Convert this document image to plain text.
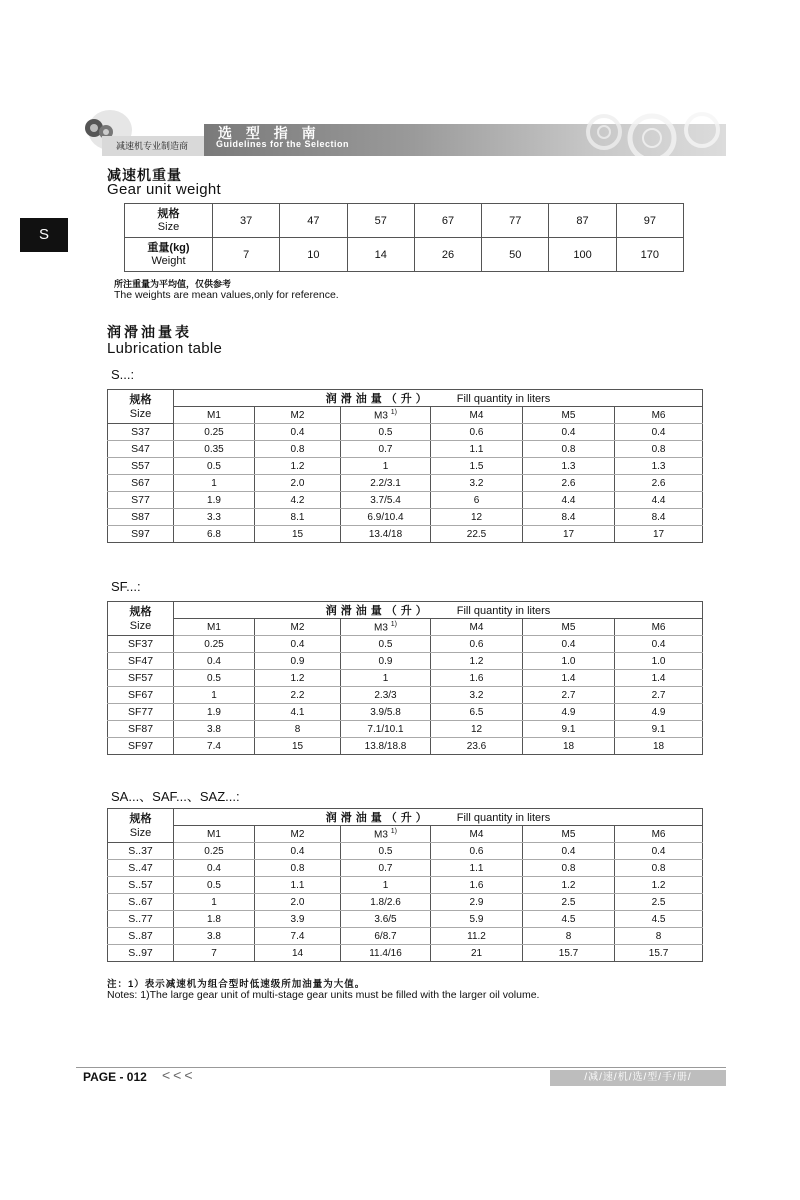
减速机专业制造商
选 型 指 南
Guidelines for the Selection
S
减速机重量
Gear unit weight
规格
Size	37	47	57	67	77	87	97
重量(kg)
Weight	7	10	14	26	50	100	170
所注重量为平均值，仅供参考
The weights are mean values,only for reference.
润滑油量表
Lubrication table
S...:
规格
Size	润滑油量（升） Fill quantity in liters					
	M1	M2	M3 $^{1)}$	M4	M5	M6
S37	0.25	0.4	0.5	0.6	0.4	0.4
S47	0.35	0.8	0.7	1.1	0.8	0.8
S57	0.5	1.2	1	1.5	1.3	1.3
S67	1	2.0	2.2/3.1	3.2	2.6	2.6
S77	1.9	4.2	3.7/5.4	6	4.4	4.4
S87	3.3	8.1	6.9/10.4	12	8.4	8.4
S97	6.8	15	13.4/18	22.5	17	17
SF...:
规格
Size	润滑油量（升） Fill quantity in liters					
	M1	M2	M3 $^{1)}$	M4	M5	M6
SF37	0.25	0.4	0.5	0.6	0.4	0.4
SF47	0.4	0.9	0.9	1.2	1.0	1.0
SF57	0.5	1.2	1	1.6	1.4	1.4
SF67	1	2.2	2.3/3	3.2	2.7	2.7
SF77	1.9	4.1	3.9/5.8	6.5	4.9	4.9
SF87	3.8	8	7.1/10.1	12	9.1	9.1
SF97	7.4	15	13.8/18.8	23.6	18	18
SA...、SAF...、SAZ...:
规格
Size	润滑油量（升） Fill quantity in liters					
	M1	M2	M3 $^{1)}$	M4	M5	M6
S..37	0.25	0.4	0.5	0.6	0.4	0.4
S..47	0.4	0.8	0.7	1.1	0.8	0.8
S..57	0.5	1.1	1	1.6	1.2	1.2
S..67	1	2.0	1.8/2.6	2.9	2.5	2.5
S..77	1.8	3.9	3.6/5	5.9	4.5	4.5
S..87	3.8	7.4	6/8.7	11.2	8	8
S..97	7	14	11.4/16	21	15.7	15.7
注：1）表示减速机为组合型时低速级所加油量为大值。
Notes: 1)The large gear unit of multi-stage gear units must be filled with the larger oil volume.
PAGE - 012 <<<	/减/速/机/选/型/手/册/
